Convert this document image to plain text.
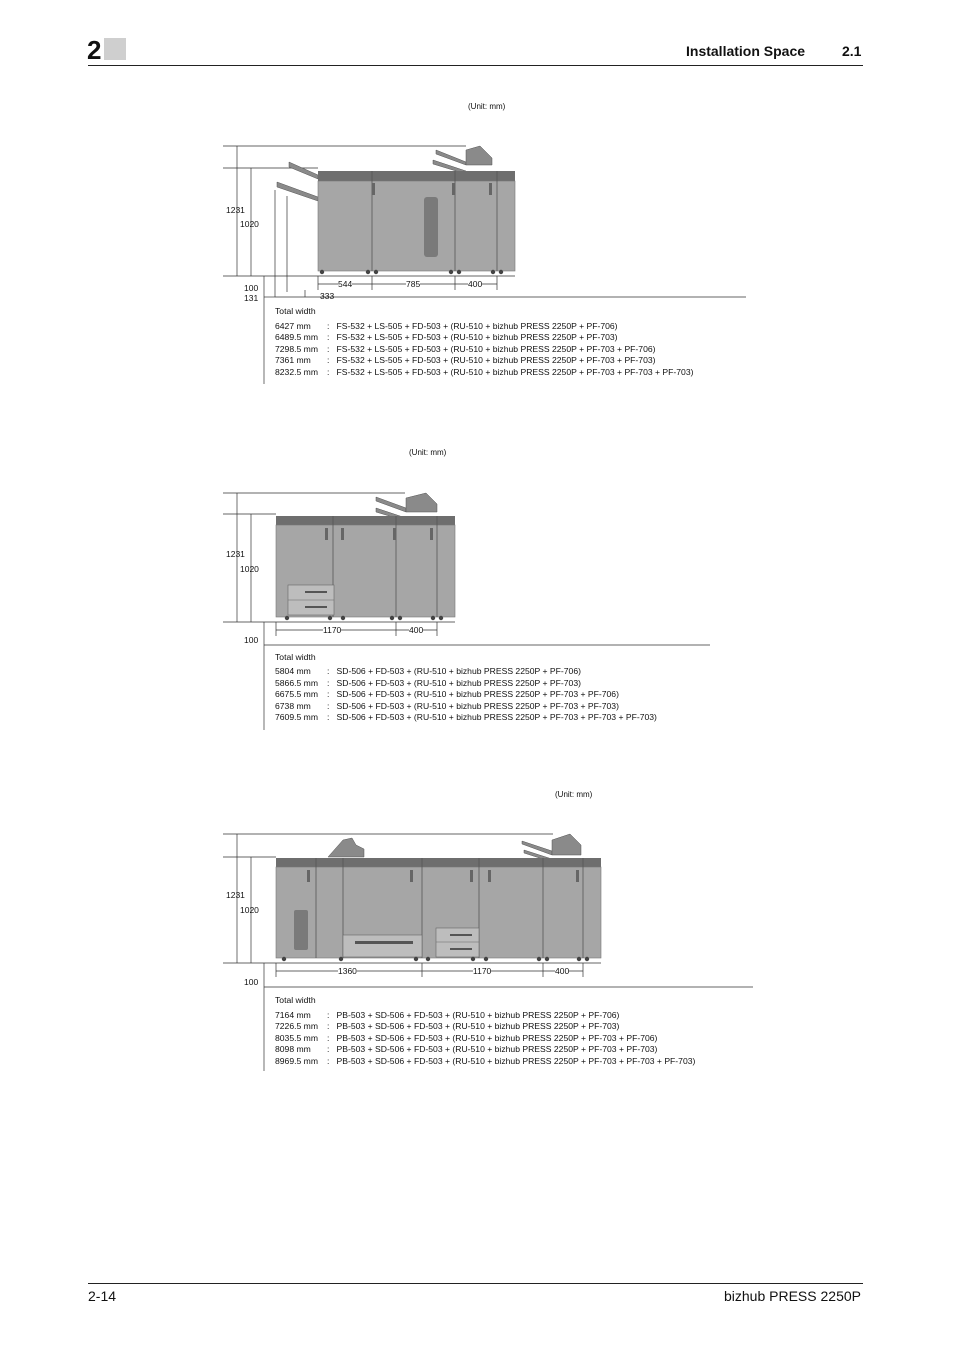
2	Installation Space	2.1
(Unit: mm)
1231
1020
544	785	400
100
131	333

Total width

6427 mm :   FS-532 + LS-505 + FD-503 + (RU-510 + bizhub PRESS 2250P + PF-706)

6489.5 mm :   FS-532 + LS-505 + FD-503 + (RU-510 + bizhub PRESS 2250P + PF-703)

7298.5 mm :   FS-532 + LS-505 + FD-503 + (RU-510 + bizhub PRESS 2250P + PF-703 + PF-706)

7361 mm :   FS-532 + LS-505 + FD-503 + (RU-510 + bizhub PRESS 2250P + PF-703 + PF-703)

8232.5 mm :   FS-532 + LS-505 + FD-503 + (RU-510 + bizhub PRESS 2250P + PF-703 + PF-703 + PF-703)

(Unit: mm)
1231
1020
1170	400
100

Total width

5804 mm :   SD-506 + FD-503 + (RU-510 + bizhub PRESS 2250P + PF-706)

5866.5 mm :   SD-506 + FD-503 + (RU-510 + bizhub PRESS 2250P + PF-703)

6675.5 mm :   SD-506 + FD-503 + (RU-510 + bizhub PRESS 2250P + PF-703 + PF-706)

6738 mm :   SD-506 + FD-503 + (RU-510 + bizhub PRESS 2250P + PF-703 + PF-703)

7609.5 mm :   SD-506 + FD-503 + (RU-510 + bizhub PRESS 2250P + PF-703 + PF-703 + PF-703)

(Unit: mm)
1231
1020
1360	1170	400
100

Total width

7164 mm :   PB-503 + SD-506 + FD-503 + (RU-510 + bizhub PRESS 2250P + PF-706)

7226.5 mm :   PB-503 + SD-506 + FD-503 + (RU-510 + bizhub PRESS 2250P + PF-703)

8035.5 mm :   PB-503 + SD-506 + FD-503 + (RU-510 + bizhub PRESS 2250P + PF-703 + PF-706)

8098 mm :   PB-503 + SD-506 + FD-503 + (RU-510 + bizhub PRESS 2250P + PF-703 + PF-703)

8969.5 mm :   PB-503 + SD-506 + FD-503 + (RU-510 + bizhub PRESS 2250P + PF-703 + PF-703 + PF-703)

2-14	bizhub PRESS 2250P
